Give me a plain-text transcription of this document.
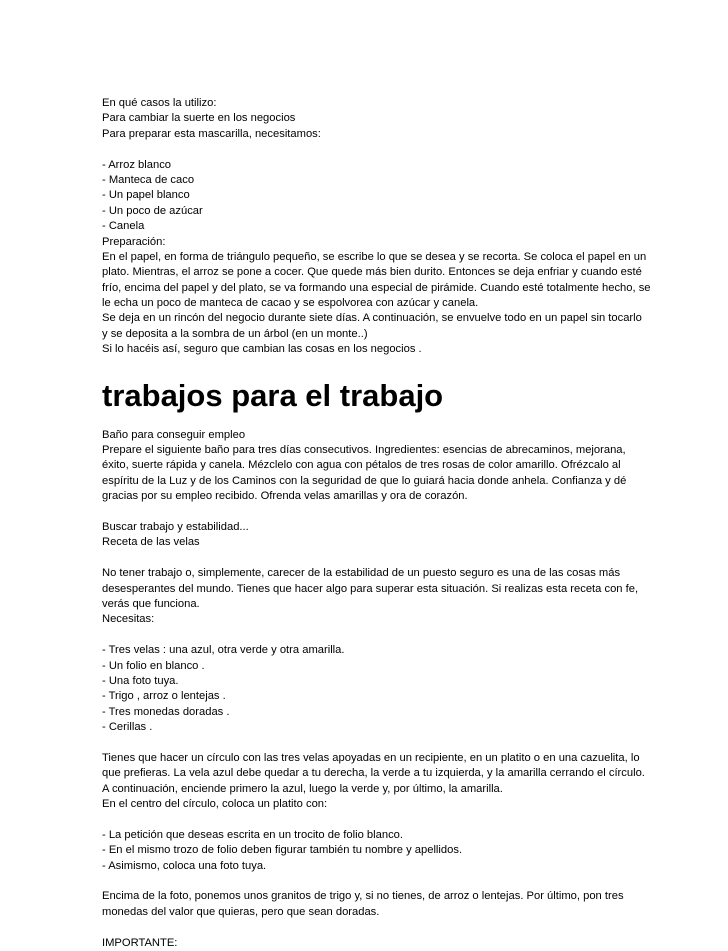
En qué casos la utilizo:
Para cambiar la suerte en los negocios
Para preparar esta mascarilla, necesitamos:
- Arroz blanco
- Manteca de caco
- Un papel blanco
- Un poco de azúcar
- Canela
Preparación:
En el papel, en forma de triángulo pequeño, se escribe lo que se desea y se recorta. Se coloca el papel en un
plato. Mientras, el arroz se pone a cocer. Que quede más bien durito. Entonces se deja enfriar y cuando esté
frío, encima del papel y del plato, se va formando una especial de pirámide. Cuando esté totalmente hecho, se
le echa un poco de manteca de cacao y se espolvorea con azúcar y canela.
Se deja en un rincón del negocio durante siete días. A continuación, se envuelve todo en un papel sin tocarlo
y se deposita a la sombra de un árbol (en un monte..)
Si lo hacéis así, seguro que cambian las cosas en los negocios .
trabajos para el trabajo
Baño para conseguir empleo
Prepare el siguiente baño para tres días consecutivos. Ingredientes: esencias de abrecaminos, mejorana,
éxito, suerte rápida y canela. Mézclelo con agua con pétalos de tres rosas de color amarillo. Ofrézcalo al
espíritu de la Luz y de los Caminos con la seguridad de que lo guiará hacia donde anhela. Confianza y dé
gracias por su empleo recibido. Ofrenda velas amarillas y ora de corazón.
Buscar trabajo y estabilidad...
Receta de las velas
No tener trabajo o, simplemente, carecer de la estabilidad de un puesto seguro es una de las cosas más
desesperantes del mundo. Tienes que hacer algo para superar esta situación. Si realizas esta receta con fe,
verás que funciona.
Necesitas:
- Tres velas : una azul, otra verde y otra amarilla.
- Un folio en blanco .
- Una foto tuya.
- Trigo , arroz o lentejas .
- Tres monedas doradas .
- Cerillas .
Tienes que hacer un círculo con las tres velas apoyadas en un recipiente, en un platito o en una cazuelita, lo
que prefieras. La vela azul debe quedar a tu derecha, la verde a tu izquierda, y la amarilla cerrando el círculo.
A continuación, enciende primero la azul, luego la verde y, por último, la amarilla.
En el centro del círculo, coloca un platito con:
- La petición que deseas escrita en un trocito de folio blanco.
- En el mismo trozo de folio deben figurar también tu nombre y apellidos.
- Asimismo, coloca una foto tuya.
Encima de la foto, ponemos unos granitos de trigo y, si no tienes, de arroz o lentejas. Por último, pon tres
monedas del valor que quieras, pero que sean doradas.
IMPORTANTE:
